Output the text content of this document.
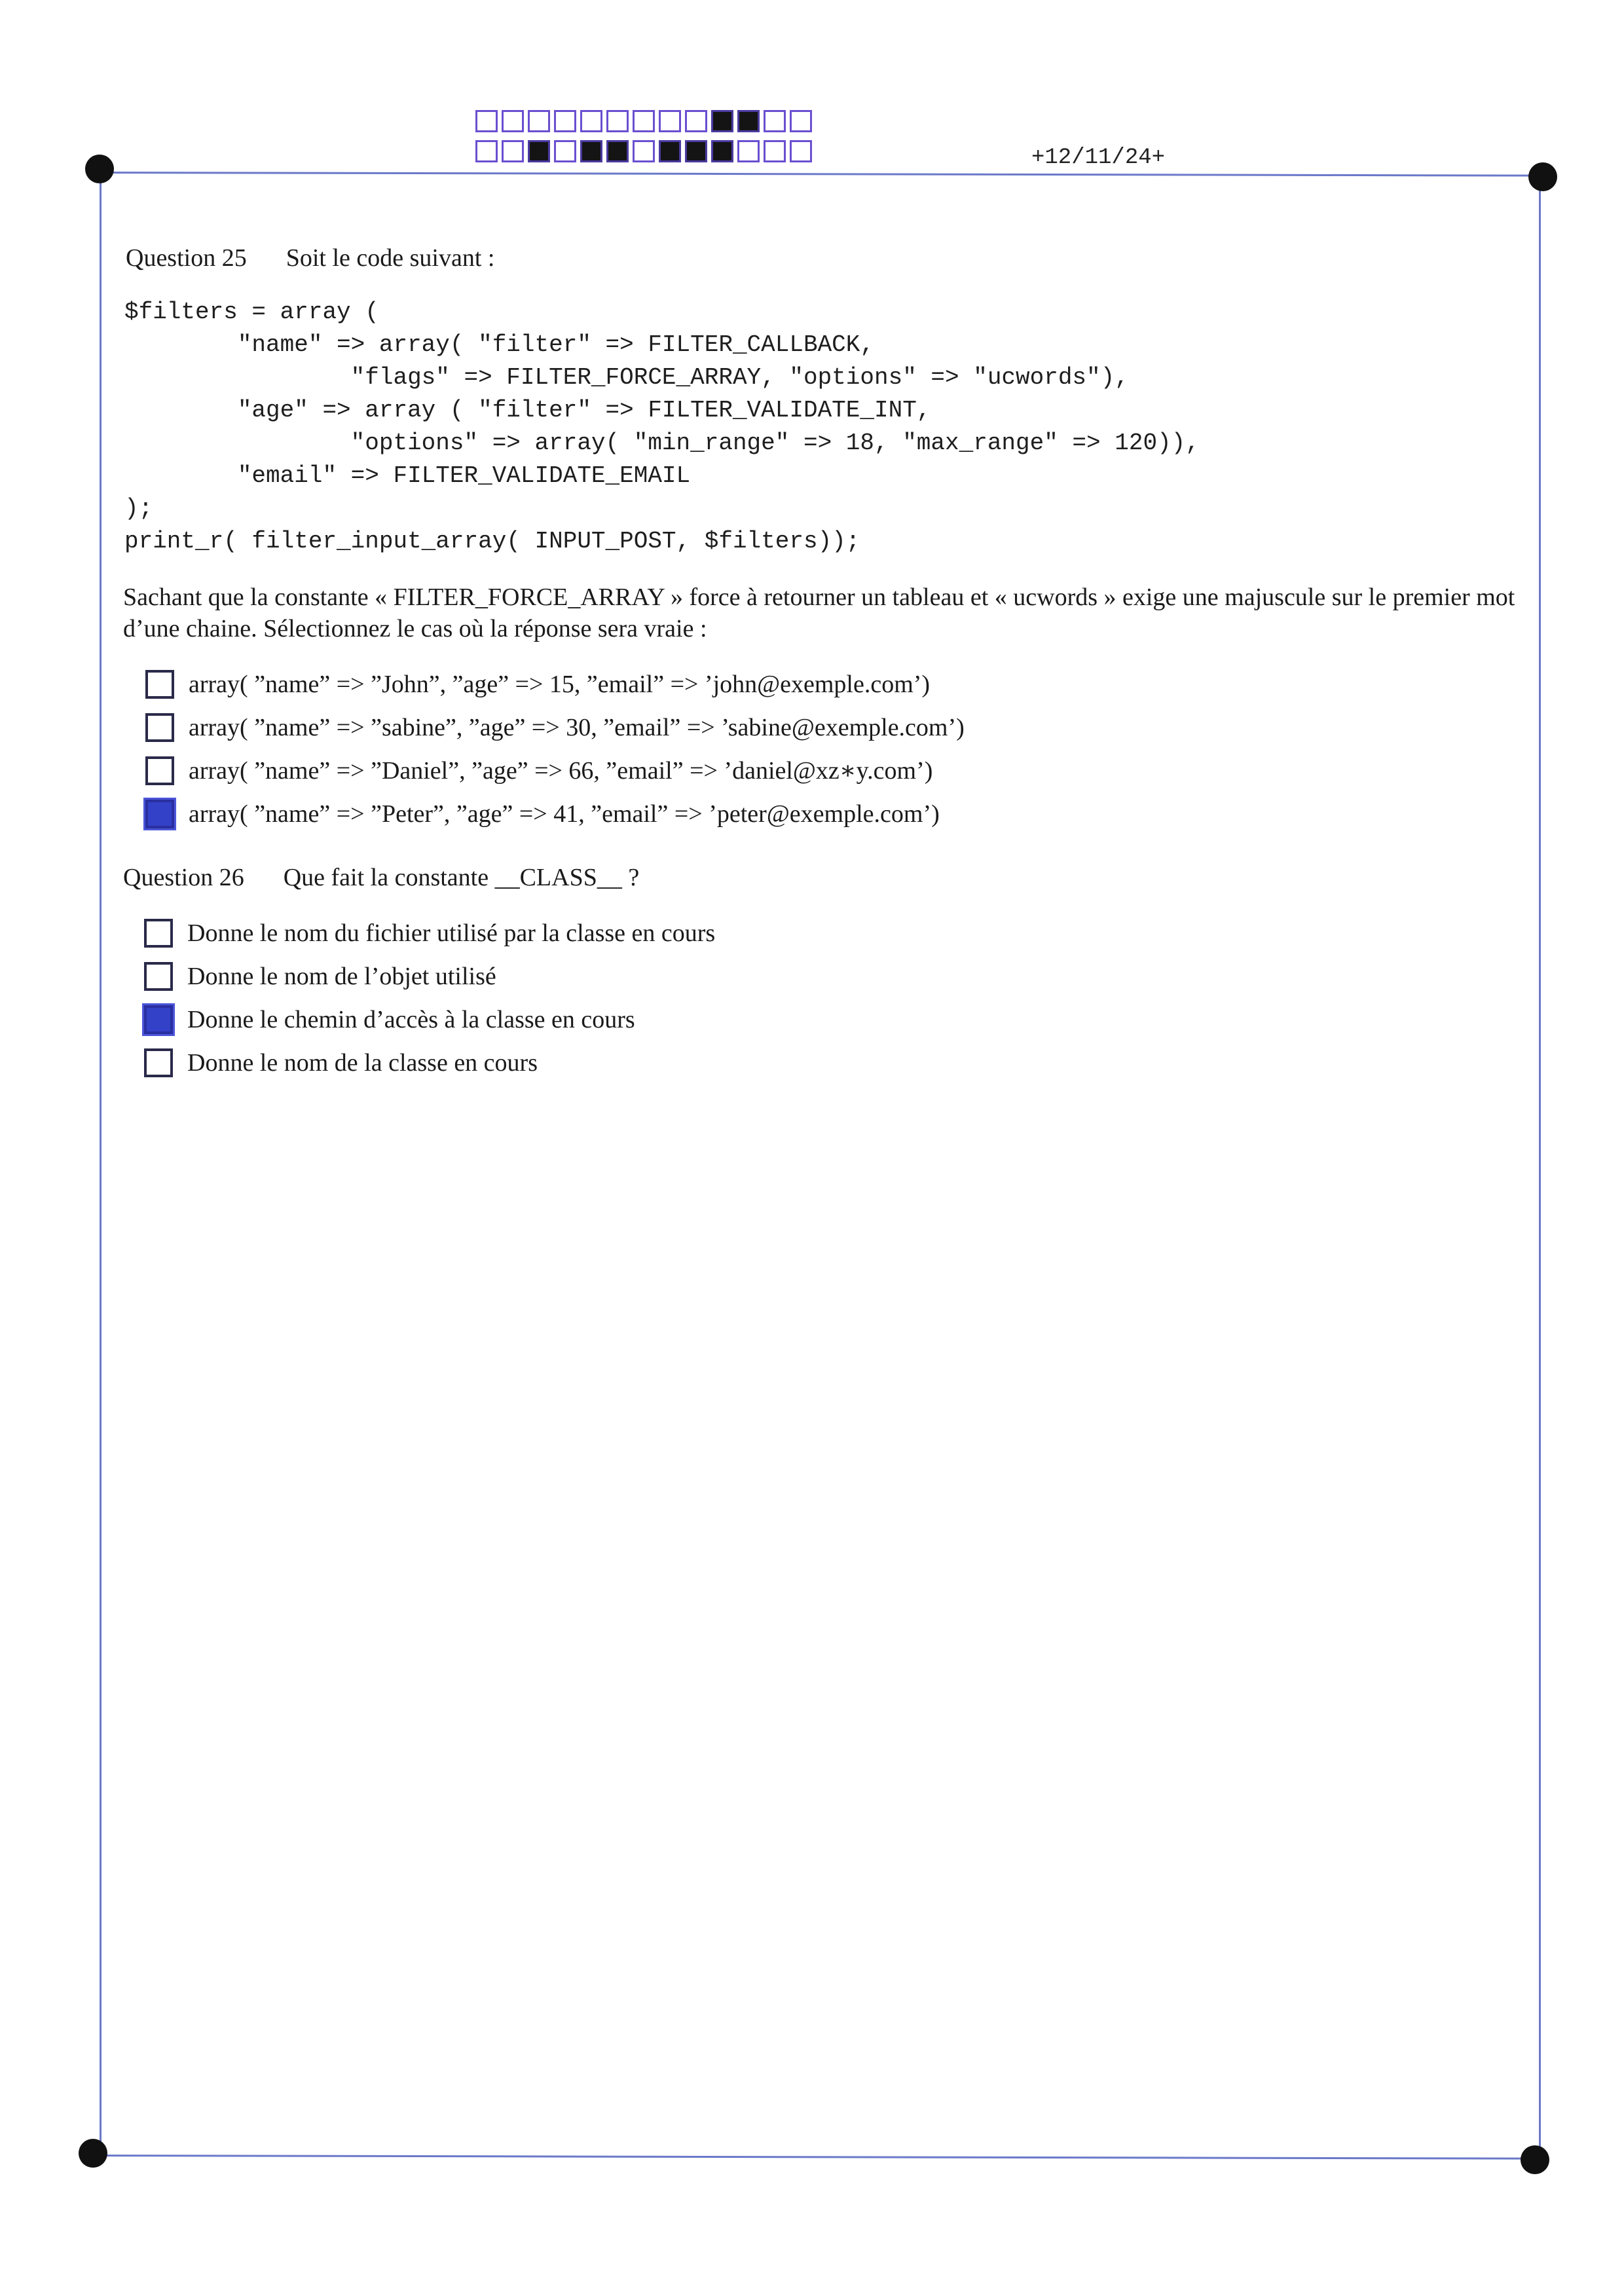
+12/11/24+
Question 25 Soit le code suivant :
$filters = array (
"name" => array( "filter" => FILTER_CALLBACK,
"flags" => FILTER_FORCE_ARRAY, "options" => "ucwords"),
"age" => array ( "filter" => FILTER_VALIDATE_INT,
"options" => array( "min_range" => 18, "max_range" => 120)),
"email" => FILTER_VALIDATE_EMAIL
);
print_r( filter_input_array( INPUT_POST, $filters));
Sachant que la constante « FILTER_FORCE_ARRAY » force à retourner un tableau et « ucwords » exige une majuscule sur le premier mot d’une chaine. Sélectionnez le cas où la réponse sera vraie :
array( ”name” => ”John”, ”age” => 15, ”email” => ’john@exemple.com’)
array( ”name” => ”sabine”, ”age” => 30, ”email” => ’sabine@exemple.com’)
array( ”name” => ”Daniel”, ”age” => 66, ”email” => ’daniel@xz∗y.com’)
array( ”name” => ”Peter”, ”age” => 41, ”email” => ’peter@exemple.com’)
Question 26 Que fait la constante __CLASS__ ?
Donne le nom du fichier utilisé par la classe en cours
Donne le nom de l’objet utilisé
Donne le chemin d’accès à la classe en cours
Donne le nom de la classe en cours
